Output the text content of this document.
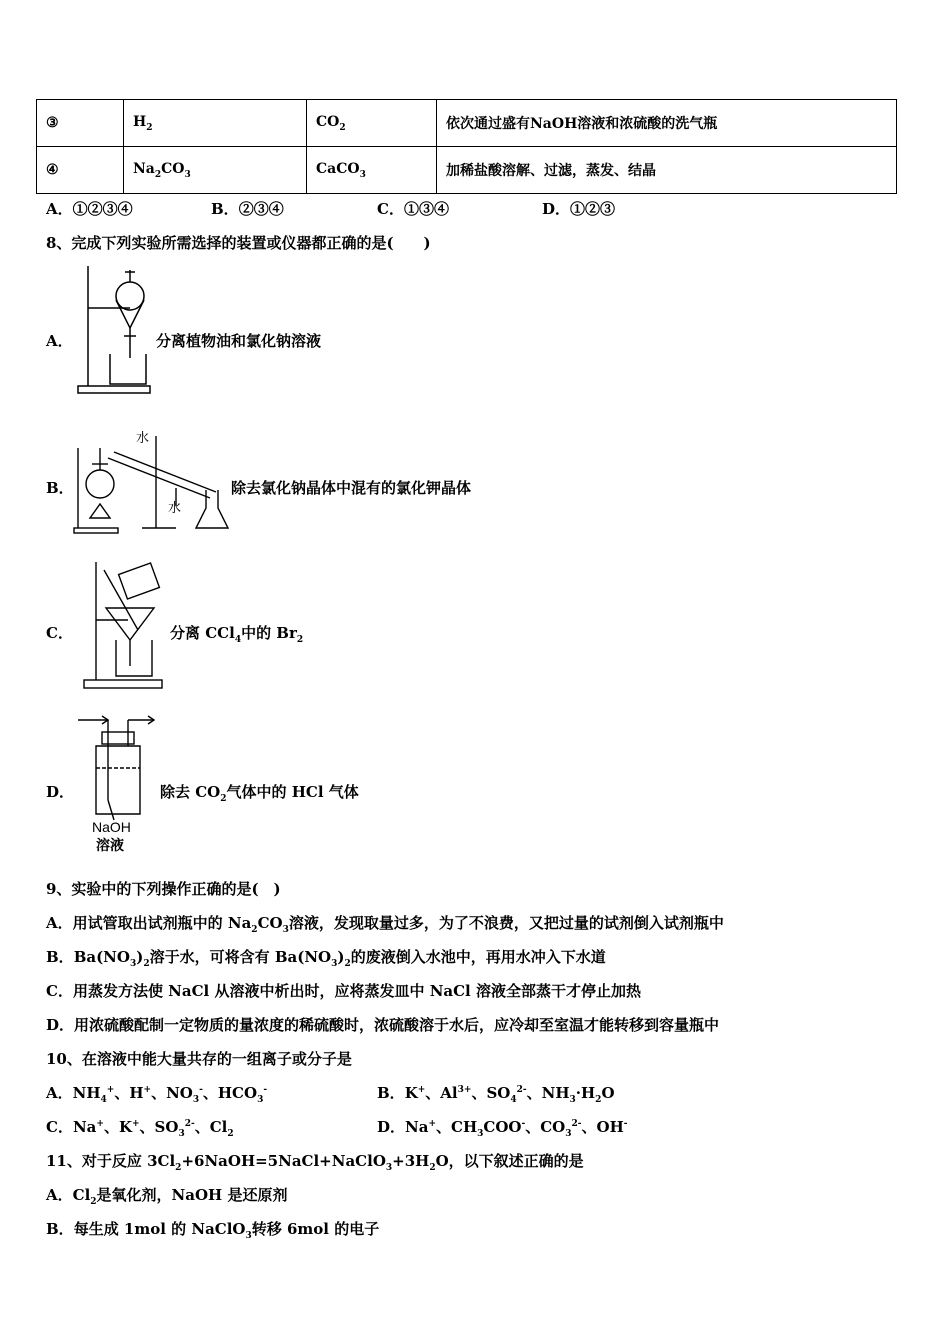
③	$H_2$	$CO_2$	依次通过盛有NaOH溶液和浓硫酸的洗气瓶
④	$Na_2CO_3$	CaCO$_3$	加稀盐酸溶解、过滤，蒸发、结晶
A．①②③④	B．②③④	C．①③④	D．①②③
8、完成下列实验所需选择的装置或仪器都正确的是(　　)
A．	分离植物油和氯化钠溶液
B．
水
水
除去氯化钠晶体中混有的氯化钾晶体
C．	分离 CCl$_4$中的 $Br_2$
D．
NaOH
溶液
除去 $CO_2$气体中的 HCl 气体
9、实验中的下列操作正确的是(　)
A．用试管取出试剂瓶中的 $Na_2CO_3$溶液，发现取量过多，为了不浪费，又把过量的试剂倒入试剂瓶中
B．$Ba(NO_3)_2$溶于水，可将含有 $Ba(NO_3)_2$的废液倒入水池中，再用水冲入下水道
C．用蒸发方法使 NaCl 从溶液中析出时，应将蒸发皿中 NaCl 溶液全部蒸干才停止加热
D．用浓硫酸配制一定物质的量浓度的稀硫酸时，浓硫酸溶于水后，应冷却至室温才能转移到容量瓶中
10、在溶液中能大量共存的一组离子或分子是
A．$NH_4^+$、H+、$NO_3^-$、$HCO_3^-$	B．K+、$Al^{3+}$、$SO_4^{2-}$、$NH_3\cdot H_2O$
C．Na+、K+、$SO_3^{2-}$、$Cl_2$	D．Na+、$CH_3COO^-$、$CO_3^{2-}$、OH-
11、对于反应 $3Cl_2+6NaOH=5NaCl+NaClO_3+3H_2O$，以下叙述正确的是
A．$Cl_2$是氧化剂，NaOH 是还原剂
B．每生成 1mol 的 NaClO$_3$转移 6mol 的电子
